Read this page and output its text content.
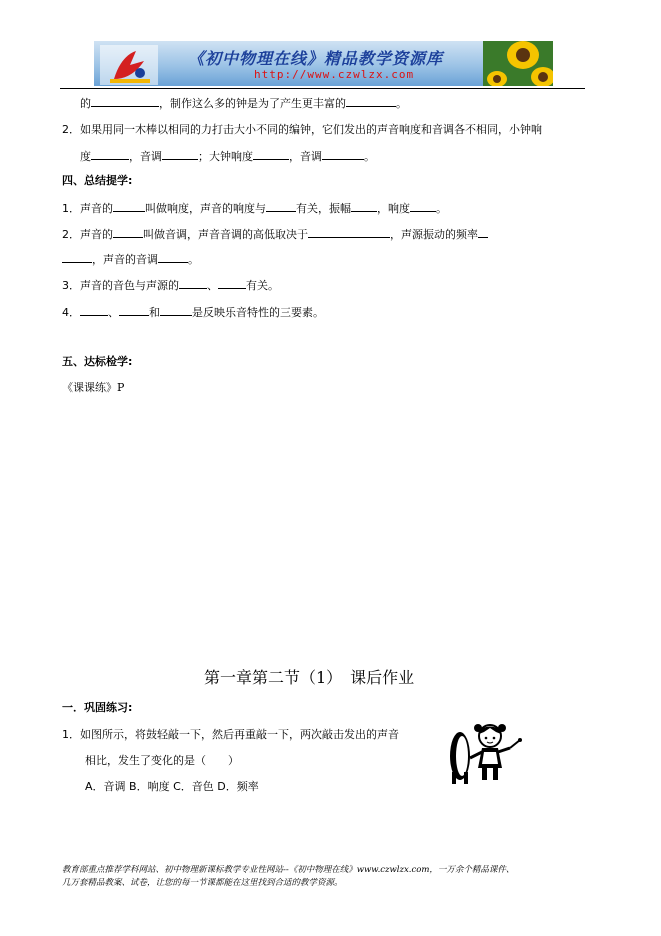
《初中物理在线》精品教学资源库
http://www.czwlzx.com
的	，制作这么多的钟是为了产生更丰富的	。
2．如果用同一木棒以相同的力打击大小不同的编钟，它们发出的声音响度和音调各不相同，小钟响
度	，音调	；大钟响度	，音调	。
四、总结提学:
1．声音的	叫做响度，声音的响度与	有关，振幅 ，响度 。
2．声音的	叫做音调，声音音调的高低取决于	，声源振动的频率
，声音的音调	。
3．声音的音色与声源的	、	有关。
4．	、	和	是反映乐音特性的三要素。
五、达标检学:
《课课练》P
第一章第二节（1）　课后作业
一．巩固练习:
1．如图所示，将鼓轻敲一下，然后再重敲一下，两次敲击发出的声音
相比，发生了变化的是（　　）
A．音调 B．响度 C．音色 D．频率
教育部重点推荐学科网站、初中物理新课标教学专业性网站--《初中物理在线》www.czwlzx.com，一万余个精品课件、
几万套精品教案、试卷，让您的每一节课都能在这里找到合适的教学资源。
